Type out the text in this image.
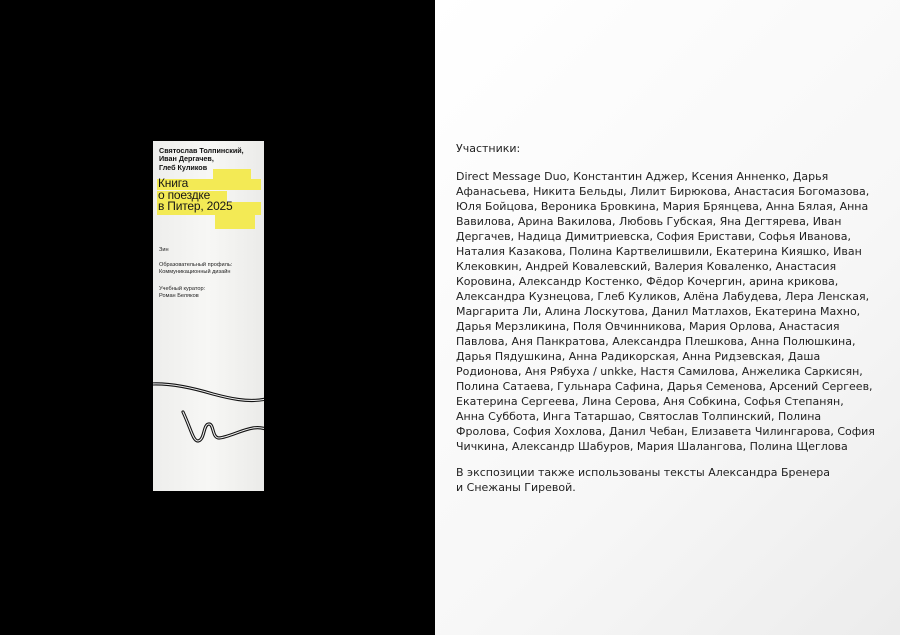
Святослав Толпинский,
Иван Дергачев,
Глеб Куликов
Книга
о поездке
в Питер, 2025
Зин
Образовательный профиль:
Коммуникационный дизайн
Учебный куратор:
Роман Беляков

Участники:

Direct Message Duo, Константин Аджер, Ксения Анненко, Дарья
Афанасьева, Никита Бельды, Лилит Бирюкова, Анастасия Богомазова,
Юля Бойцова, Вероника Бровкина, Мария Брянцева, Анна Бялая, Анна
Вавилова, Арина Вакилова, Любовь Губская, Яна Дегтярева, Иван
Дергачев, Надица Димитриевска, София Еристави, Софья Иванова,
Наталия Казакова, Полина Картвелишвили, Екатерина Кияшко, Иван
Клековкин, Андрей Ковалевский, Валерия Коваленко, Анастасия
Коровина, Александр Костенко, Фёдор Кочергин, арина крикова,
Александра Кузнецова, Глеб Куликов, Алёна Лабудева, Лера Ленская,
Маргарита Ли, Алина Лоскутова, Данил Матлахов, Екатерина Махно,
Дарья Мерзликина, Поля Овчинникова, Мария Орлова, Анастасия
Павлова, Аня Панкратова, Александра Плешкова, Анна Полюшкина,
Дарья Пядушкина, Анна Радикорская, Анна Ридзевская, Даша
Родионова, Аня Рябуха / unkke, Настя Самилова, Анжелика Саркисян,
Полина Сатаева, Гульнара Сафина, Дарья Семенова, Арсений Сергеев,
Екатерина Сергеева, Лина Серова, Аня Собкина, Софья Степанян,
Анна Суббота, Инга Татаршао, Святослав Толпинский, Полина
Фролова, София Хохлова, Данил Чебан, Елизавета Чилингарова, София
Чичкина, Александр Шабуров, Мария Шалангова, Полина Щеглова

В экспозиции также использованы тексты Александра Бренера
и Снежаны Гиревой.
